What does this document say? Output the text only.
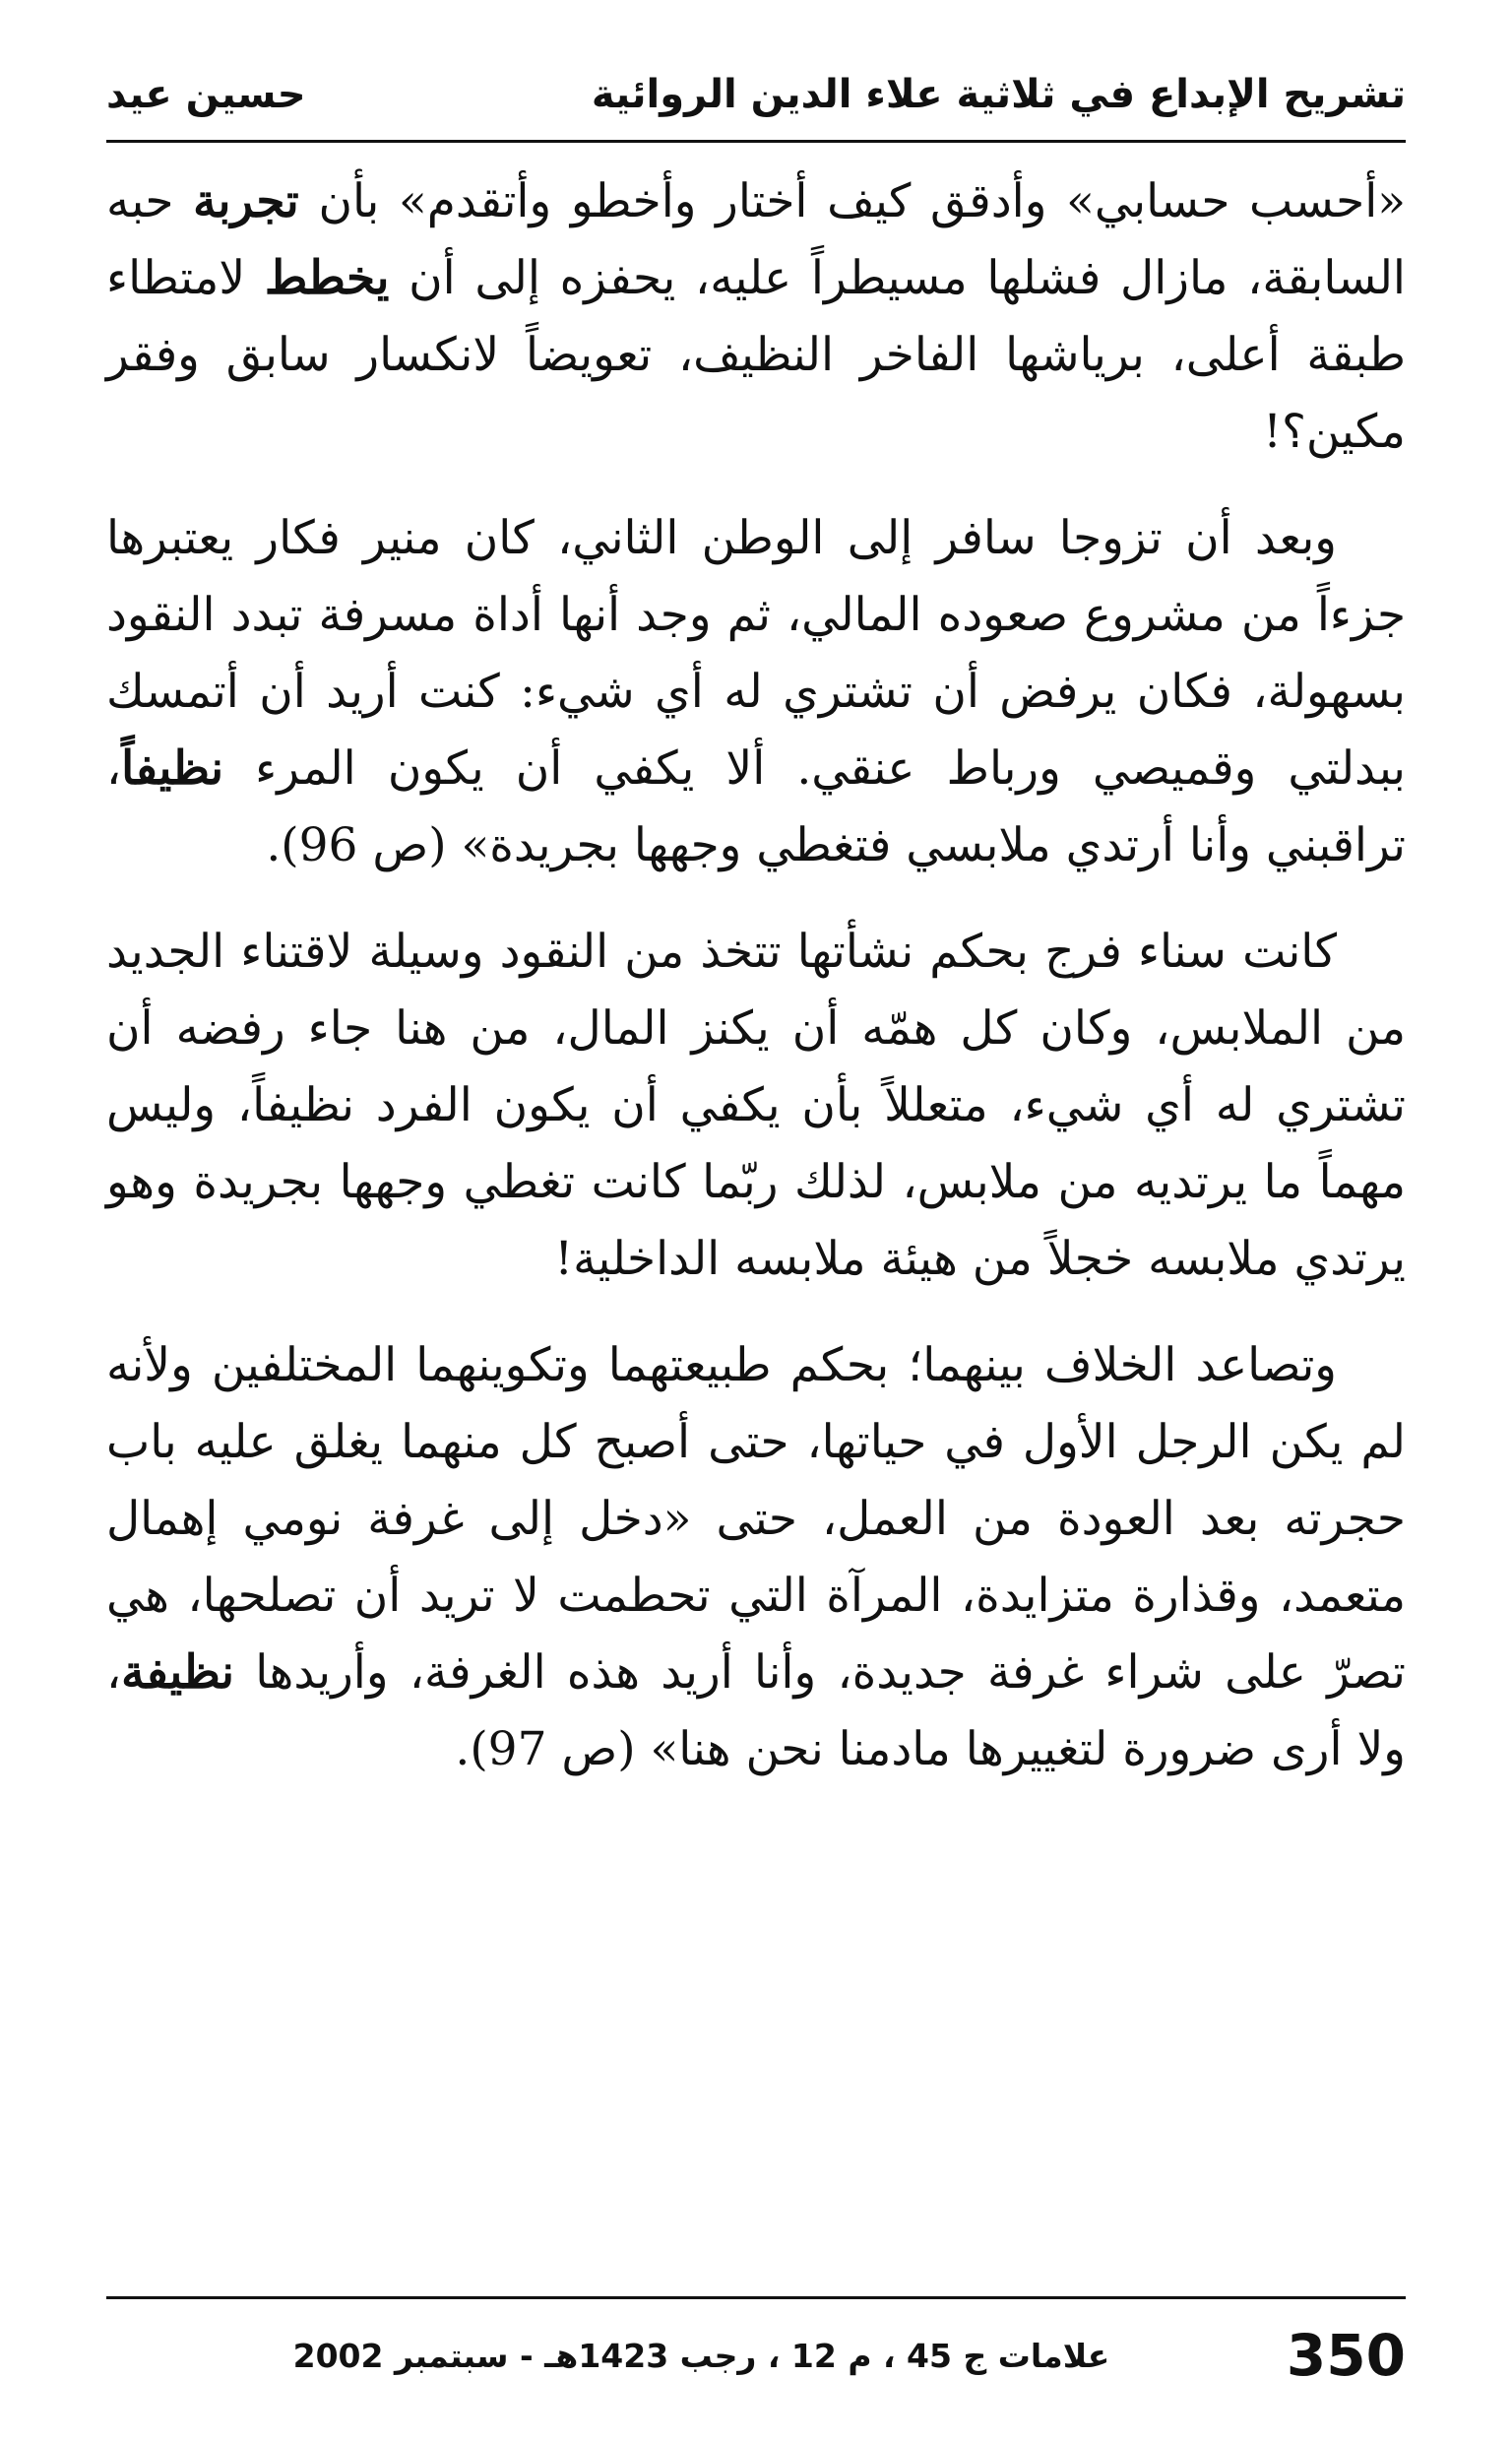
تشريح الإبداع في ثلاثية علاء الدين الروائية
حسين عيد

«أحسب حسابي» وأدقق كيف أختار وأخطو وأتقدم» بأن تجربة حبه السابقة، مازال فشلها مسيطراً عليه، يحفزه إلى أن يخطط لامتطاء طبقة أعلى، برياشها الفاخر النظيف، تعويضاً لانكسار سابق وفقر مكين؟!

وبعد أن تزوجا سافر إلى الوطن الثاني، كان منير فكار يعتبرها جزءاً من مشروع صعوده المالي، ثم وجد أنها أداة مسرفة تبدد النقود بسهولة، فكان يرفض أن تشتري له أي شيء: كنت أريد أن أتمسك ببدلتي وقميصي ورباط عنقي. ألا يكفي أن يكون المرء نظيفاً، تراقبني وأنا أرتدي ملابسي فتغطي وجهها بجريدة» (ص 96).

كانت سناء فرج بحكم نشأتها تتخذ من النقود وسيلة لاقتناء الجديد من الملابس، وكان كل همّه أن يكنز المال، من هنا جاء رفضه أن تشتري له أي شيء، متعللاً بأن يكفي أن يكون الفرد نظيفاً، وليس مهماً ما يرتديه من ملابس، لذلك ربّما كانت تغطي وجهها بجريدة وهو يرتدي ملابسه خجلاً من هيئة ملابسه الداخلية!

وتصاعد الخلاف بينهما؛ بحكم طبيعتهما وتكوينهما المختلفين ولأنه لم يكن الرجل الأول في حياتها، حتى أصبح كل منهما يغلق عليه باب حجرته بعد العودة من العمل، حتى «دخل إلى غرفة نومي إهمال متعمد، وقذارة متزايدة، المرآة التي تحطمت لا تريد أن تصلحها، هي تصرّ على شراء غرفة جديدة، وأنا أريد هذه الغرفة، وأريدها نظيفة، ولا أرى ضرورة لتغييرها مادمنا نحن هنا» (ص 97).

350
علامات ج 45 ، م 12 ، رجب 1423هـ - سبتمبر 2002
